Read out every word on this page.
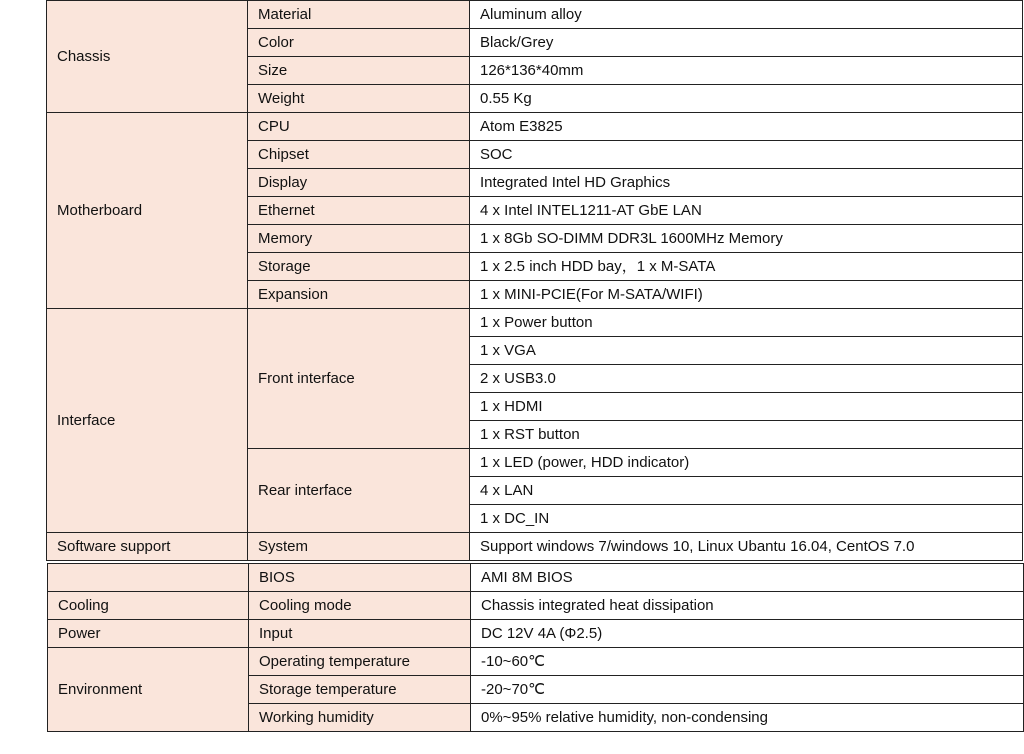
Chassis	Material	Aluminum alloy
	Color	Black/Grey
	Size	126*136*40mm
	Weight	0.55 Kg
Motherboard	CPU	Atom E3825
	Chipset	SOC
	Display	Integrated Intel HD Graphics
	Ethernet	4 x Intel INTEL1211-AT GbE LAN
	Memory	1 x 8Gb SO-DIMM DDR3L 1600MHz Memory
	Storage	1 x 2.5 inch HDD bay，1 x M-SATA
	Expansion	1 x MINI-PCIE(For M-SATA/WIFI)
Interface	Front interface	1 x Power button
		1 x VGA
		2 x USB3.0
		1 x HDMI
		1 x RST button
	Rear interface	1 x LED (power, HDD indicator)
		4 x LAN
		1 x DC_IN
Software support	System	Support windows 7/windows 10, Linux Ubantu 16.04, CentOS 7.0
	BIOS	AMI 8M BIOS
Cooling	Cooling mode	Chassis integrated heat dissipation
Power	Input	DC 12V 4A (Φ2.5)
Environment	Operating temperature	-10~60℃
	Storage temperature	-20~70℃
	Working humidity	0%~95% relative humidity, non-condensing
